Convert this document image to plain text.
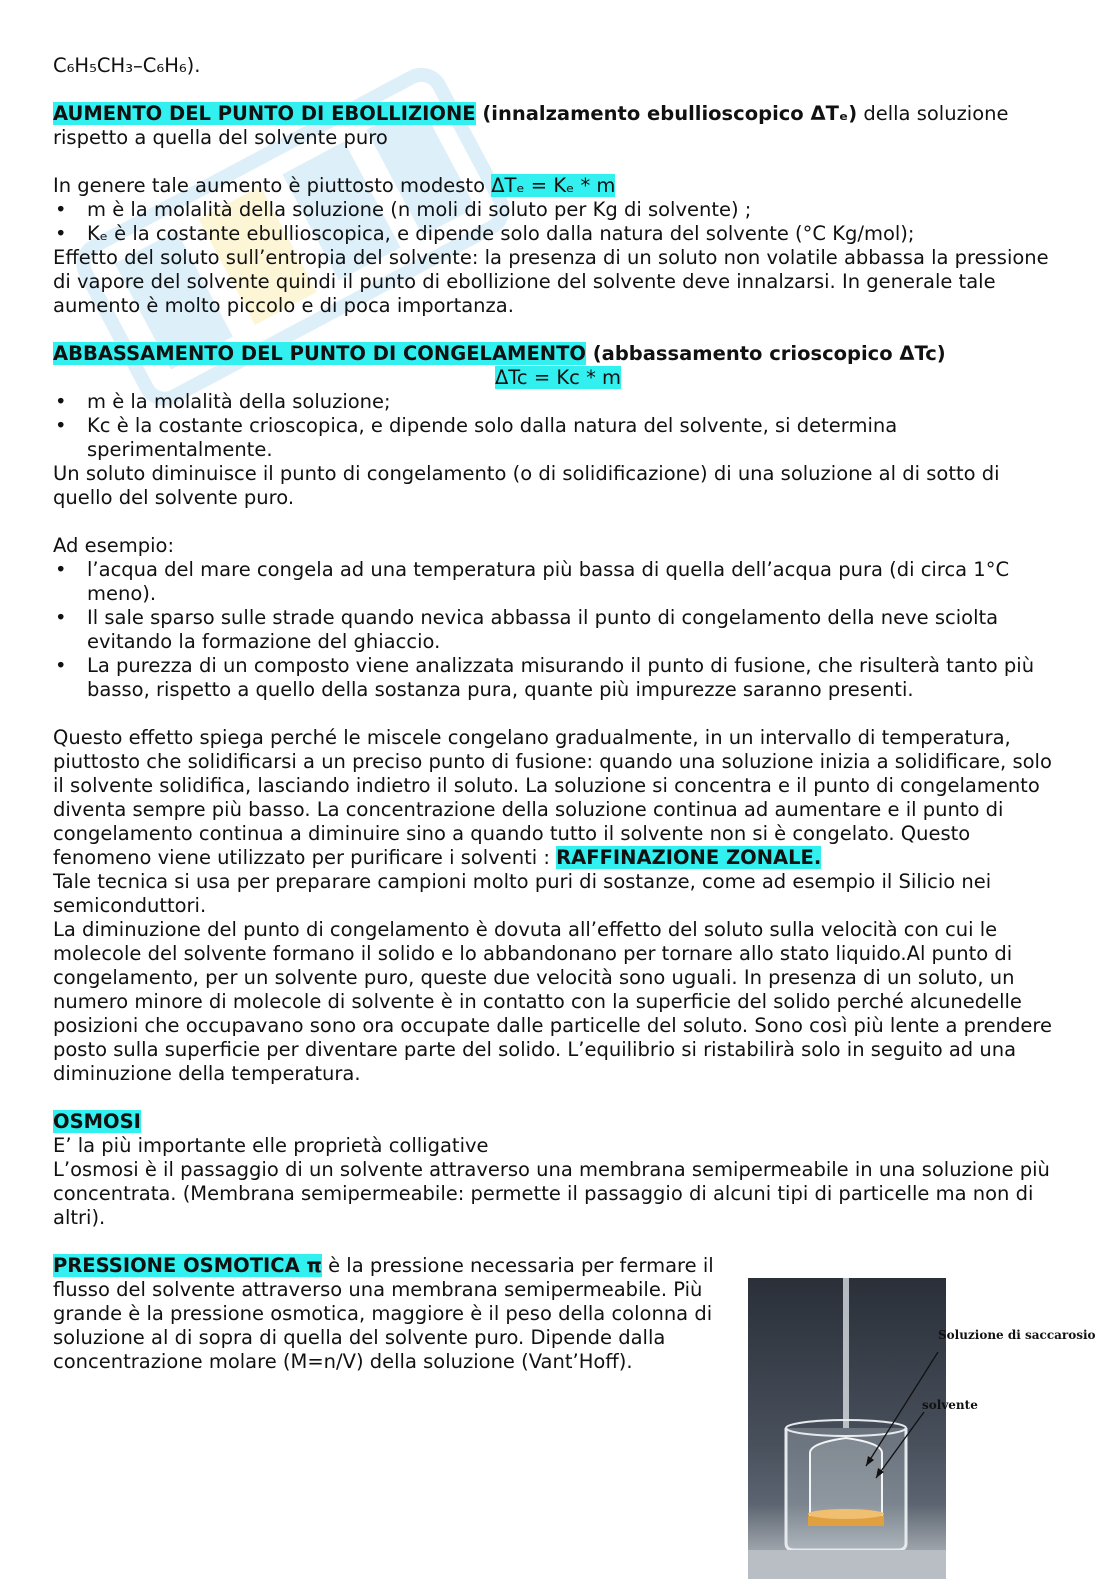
C₆H₅CH₃–C₆H₆).

AUMENTO DEL PUNTO DI EBOLLIZIONE (innalzamento ebullioscopico ΔTₑ) della soluzione rispetto a quella del solvente puro

In genere tale aumento è piuttosto modesto ΔTₑ = Kₑ * m

• m è la molalità della soluzione (n moli di soluto per Kg di solvente) ;
• Kₑ è la costante ebullioscopica, e dipende solo dalla natura del solvente (°C Kg/mol);

Effetto del soluto sull’entropia del solvente: la presenza di un soluto non volatile abbassa la pressione di vapore del solvente quindi il punto di ebollizione del solvente deve innalzarsi. In generale tale aumento è molto piccolo e di poca importanza.

ABBASSAMENTO DEL PUNTO DI CONGELAMENTO (abbassamento crioscopico ΔTc)

ΔTc = Kc * m

• m è la molalità della soluzione;
• Kc è la costante crioscopica, e dipende solo dalla natura del solvente, si determina sperimentalmente.

Un soluto diminuisce il punto di congelamento (o di solidificazione) di una soluzione al di sotto di quello del solvente puro.

Ad esempio:

• l’acqua del mare congela ad una temperatura più bassa di quella dell’acqua pura (di circa 1°C meno).
• Il sale sparso sulle strade quando nevica abbassa il punto di congelamento della neve sciolta evitando la formazione del ghiaccio.
• La purezza di un composto viene analizzata misurando il punto di fusione, che risulterà tanto più basso, rispetto a quello della sostanza pura, quante più impurezze saranno presenti.

Questo effetto spiega perché le miscele congelano gradualmente, in un intervallo di temperatura, piuttosto che solidificarsi a un preciso punto di fusione: quando una soluzione inizia a solidificare, solo il solvente solidifica, lasciando indietro il soluto. La soluzione si concentra e il punto di congelamento diventa sempre più basso. La concentrazione della soluzione continua ad aumentare e il punto di congelamento continua a diminuire sino a quando tutto il solvente non si è congelato. Questo fenomeno viene utilizzato per purificare i solventi : RAFFINAZIONE ZONALE.

Tale tecnica si usa per preparare campioni molto puri di sostanze, come ad esempio il Silicio nei semiconduttori.

La diminuzione del punto di congelamento è dovuta all’effetto del soluto sulla velocità con cui le molecole del solvente formano il solido e lo abbandonano per tornare allo stato liquido.Al punto di congelamento, per un solvente puro, queste due velocità sono uguali. In presenza di un soluto, un numero minore di molecole di solvente è in contatto con la superficie del solido perché alcunedelle posizioni che occupavano sono ora occupate dalle particelle del soluto. Sono così più lente a prendere posto sulla superficie per diventare parte del solido. L’equilibrio si ristabilirà solo in seguito ad una diminuzione della temperatura.

OSMOSI

E’ la più importante elle proprietà colligative

L’osmosi è il passaggio di un solvente attraverso una membrana semipermeabile in una soluzione più concentrata. (Membrana semipermeabile: permette il passaggio di alcuni tipi di particelle ma non di altri).

PRESSIONE OSMOTICA π è la pressione necessaria per fermare il flusso del solvente attraverso una membrana semipermeabile. Più grande è la pressione osmotica, maggiore è il peso della colonna di soluzione al di sopra di quella del solvente puro. Dipende dalla concentrazione molare (M=n/V) della soluzione (Vant’Hoff).

Soluzione di saccarosio
solvente
